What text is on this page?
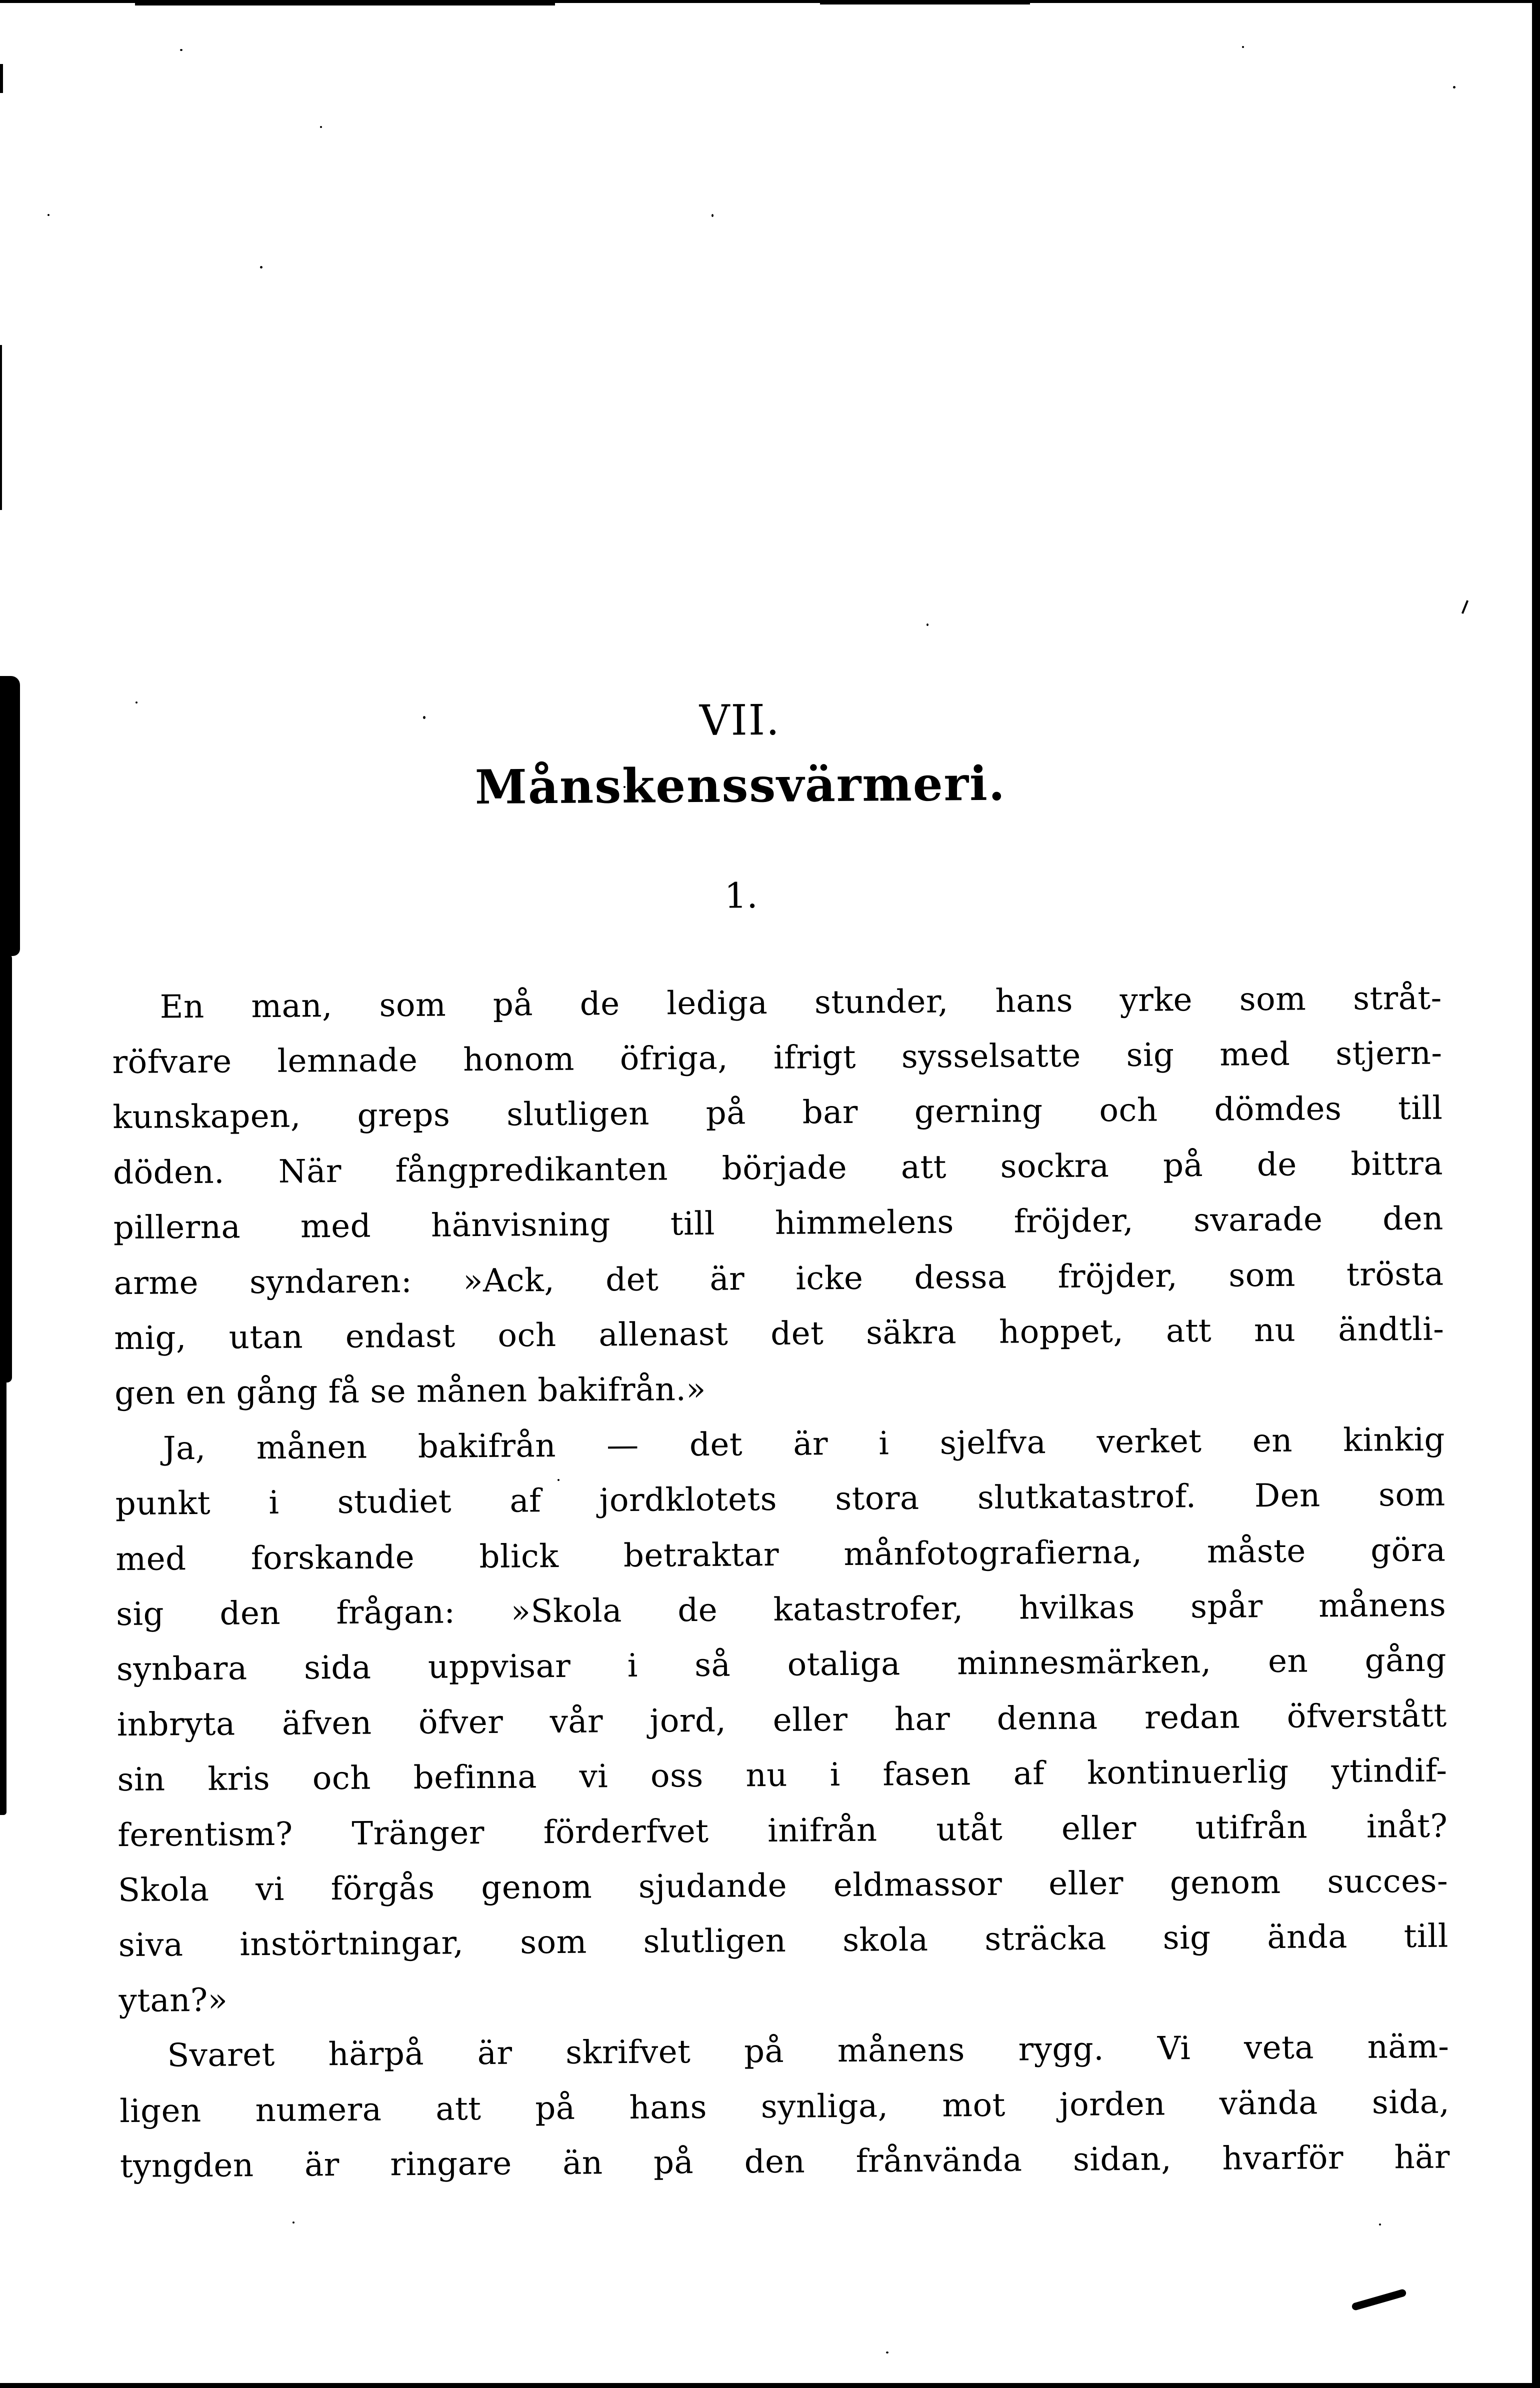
VII.
Månskenssvärmeri.
1.
En man, som på de lediga stunder, hans yrke som stråt-
röfvare lemnade honom öfriga, ifrigt sysselsatte sig med stjern-
kunskapen, greps slutligen på bar gerning och dömdes till
döden. När fångpredikanten började att sockra på de bittra
pillerna med hänvisning till himmelens fröjder, svarade den
arme syndaren: »Ack, det är icke dessa fröjder, som trösta
mig, utan endast och allenast det säkra hoppet, att nu ändtli-
gen en gång få se månen bakifrån.»
Ja, månen bakifrån — det är i sjelfva verket en kinkig
punkt i studiet af jordklotets stora slutkatastrof. Den som
med forskande blick betraktar månfotografierna, måste göra
sig den frågan: »Skola de katastrofer, hvilkas spår månens
synbara sida uppvisar i så otaliga minnesmärken, en gång
inbryta äfven öfver vår jord, eller har denna redan öfverstått
sin kris och befinna vi oss nu i fasen af kontinuerlig ytindif-
ferentism? Tränger förderfvet inifrån utåt eller utifrån inåt?
Skola vi förgås genom sjudande eldmassor eller genom succes-
siva instörtningar, som slutligen skola sträcka sig ända till
ytan?»
Svaret härpå är skrifvet på månens rygg. Vi veta näm-
ligen numera att på hans synliga, mot jorden vända sida,
tyngden är ringare än på den frånvända sidan, hvarför här
